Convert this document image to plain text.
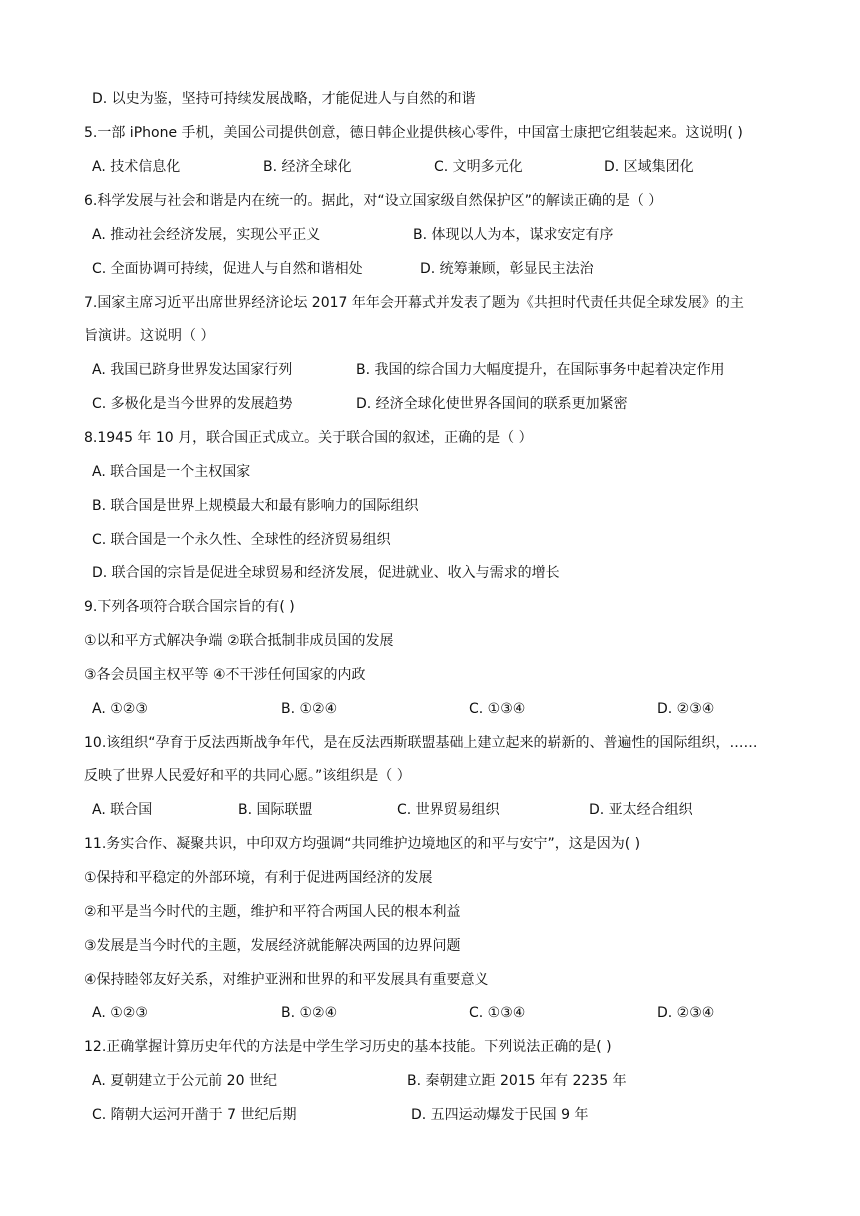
D. 以史为鉴，坚持可持续发展战略，才能促进人与自然的和谐
5.一部 iPhone 手机，美国公司提供创意，德日韩企业提供核心零件，中国富士康把它组装起来。这说明( )
A. 技术信息化	B. 经济全球化	C. 文明多元化	D. 区域集团化
6.科学发展与社会和谐是内在统一的。据此，对“设立国家级自然保护区”的解读正确的是（ ）
A. 推动社会经济发展，实现公平正义	B. 体现以人为本，谋求安定有序
C. 全面协调可持续，促进人与自然和谐相处	D. 统筹兼顾，彰显民主法治
7.国家主席习近平出席世界经济论坛 2017 年年会开幕式并发表了题为《共担时代责任共促全球发展》的主
旨演讲。这说明（ ）
A. 我国已跻身世界发达国家行列	B. 我国的综合国力大幅度提升，在国际事务中起着决定作用
C. 多极化是当今世界的发展趋势	D. 经济全球化使世界各国间的联系更加紧密
8.1945 年 10 月，联合国正式成立。关于联合国的叙述，正确的是（ ）
A. 联合国是一个主权国家
B. 联合国是世界上规模最大和最有影响力的国际组织
C. 联合国是一个永久性、全球性的经济贸易组织
D. 联合国的宗旨是促进全球贸易和经济发展，促进就业、收入与需求的增长
9.下列各项符合联合国宗旨的有( )
①以和平方式解决争端 ②联合抵制非成员国的发展
③各会员国主权平等 ④不干涉任何国家的内政
A. ①②③	B. ①②④	C. ①③④	D. ②③④
10.该组织“孕育于反法西斯战争年代，是在反法西斯联盟基础上建立起来的崭新的、普遍性的国际组织，……
反映了世界人民爱好和平的共同心愿。”该组织是（ ）
A. 联合国	B. 国际联盟	C. 世界贸易组织	D. 亚太经合组织
11.务实合作、凝聚共识，中印双方均强调“共同维护边境地区的和平与安宁”，这是因为( )
①保持和平稳定的外部环境，有利于促进两国经济的发展
②和平是当今时代的主题，维护和平符合两国人民的根本利益
③发展是当今时代的主题，发展经济就能解决两国的边界问题
④保持睦邻友好关系，对维护亚洲和世界的和平发展具有重要意义
A. ①②③	B. ①②④	C. ①③④	D. ②③④
12.正确掌握计算历史年代的方法是中学生学习历史的基本技能。下列说法正确的是( )
A. 夏朝建立于公元前 20 世纪	B. 秦朝建立距 2015 年有 2235 年
C. 隋朝大运河开凿于 7 世纪后期	D. 五四运动爆发于民国 9 年
